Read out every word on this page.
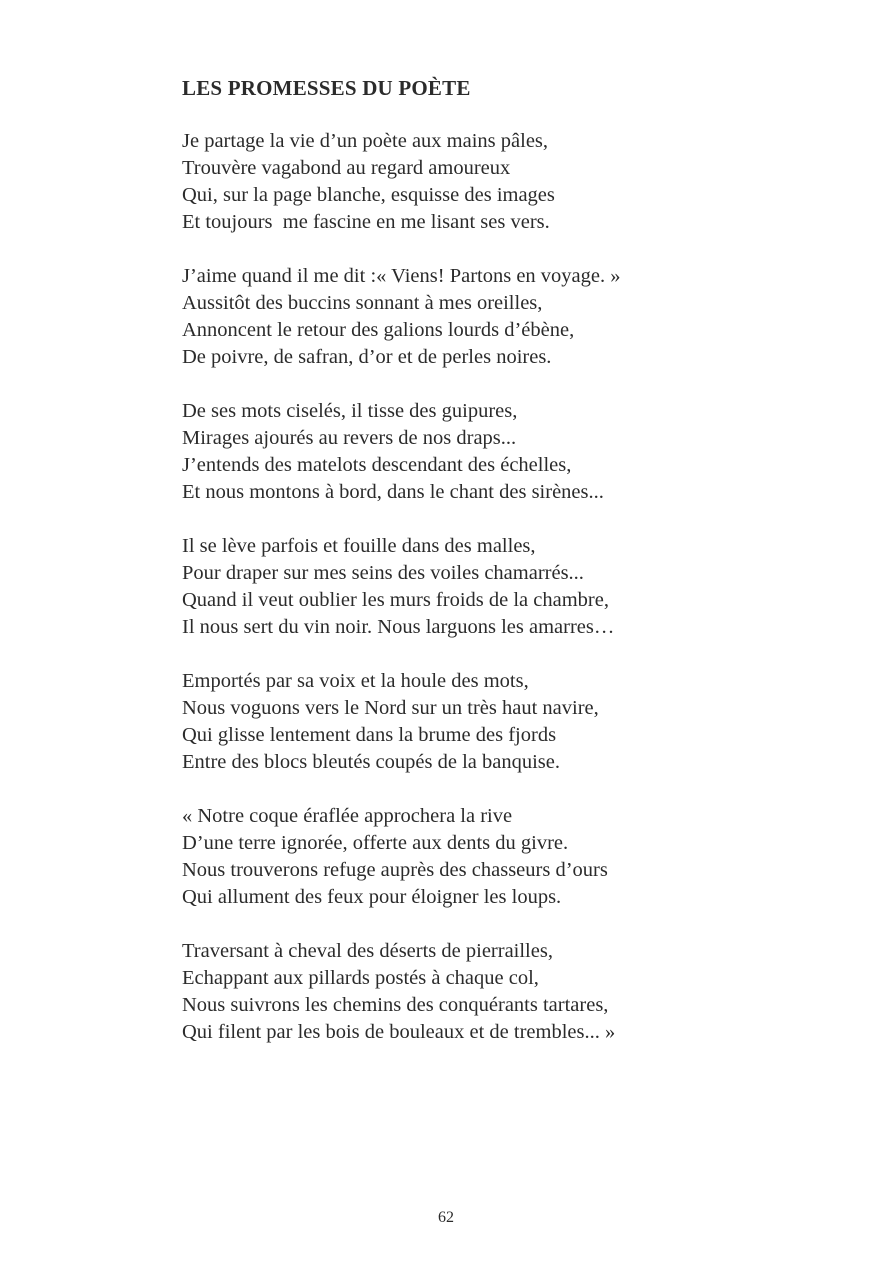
LES PROMESSES DU POÈTE
Je partage la vie d’un poète aux mains pâles,
Trouvère vagabond au regard amoureux
Qui, sur la page blanche, esquisse des images
Et toujours  me fascine en me lisant ses vers.
J’aime quand il me dit :« Viens! Partons en voyage. »
Aussitôt des buccins sonnant à mes oreilles,
Annoncent le retour des galions lourds d’ébène,
De poivre, de safran, d’or et de perles noires.
De ses mots ciselés, il tisse des guipures,
Mirages ajourés au revers de nos draps...
J’entends des matelots descendant des échelles,
Et nous montons à bord, dans le chant des sirènes...
Il se lève parfois et fouille dans des malles,
Pour draper sur mes seins des voiles chamarrés...
Quand il veut oublier les murs froids de la chambre,
Il nous sert du vin noir. Nous larguons les amarres…
Emportés par sa voix et la houle des mots,
Nous voguons vers le Nord sur un très haut navire,
Qui glisse lentement dans la brume des fjords
Entre des blocs bleutés coupés de la banquise.
« Notre coque éraflée approchera la rive
D’une terre ignorée, offerte aux dents du givre.
Nous trouverons refuge auprès des chasseurs d’ours
Qui allument des feux pour éloigner les loups.
Traversant à cheval des déserts de pierrailles,
Echappant aux pillards postés à chaque col,
Nous suivrons les chemins des conquérants tartares,
Qui filent par les bois de bouleaux et de trembles... »
62
